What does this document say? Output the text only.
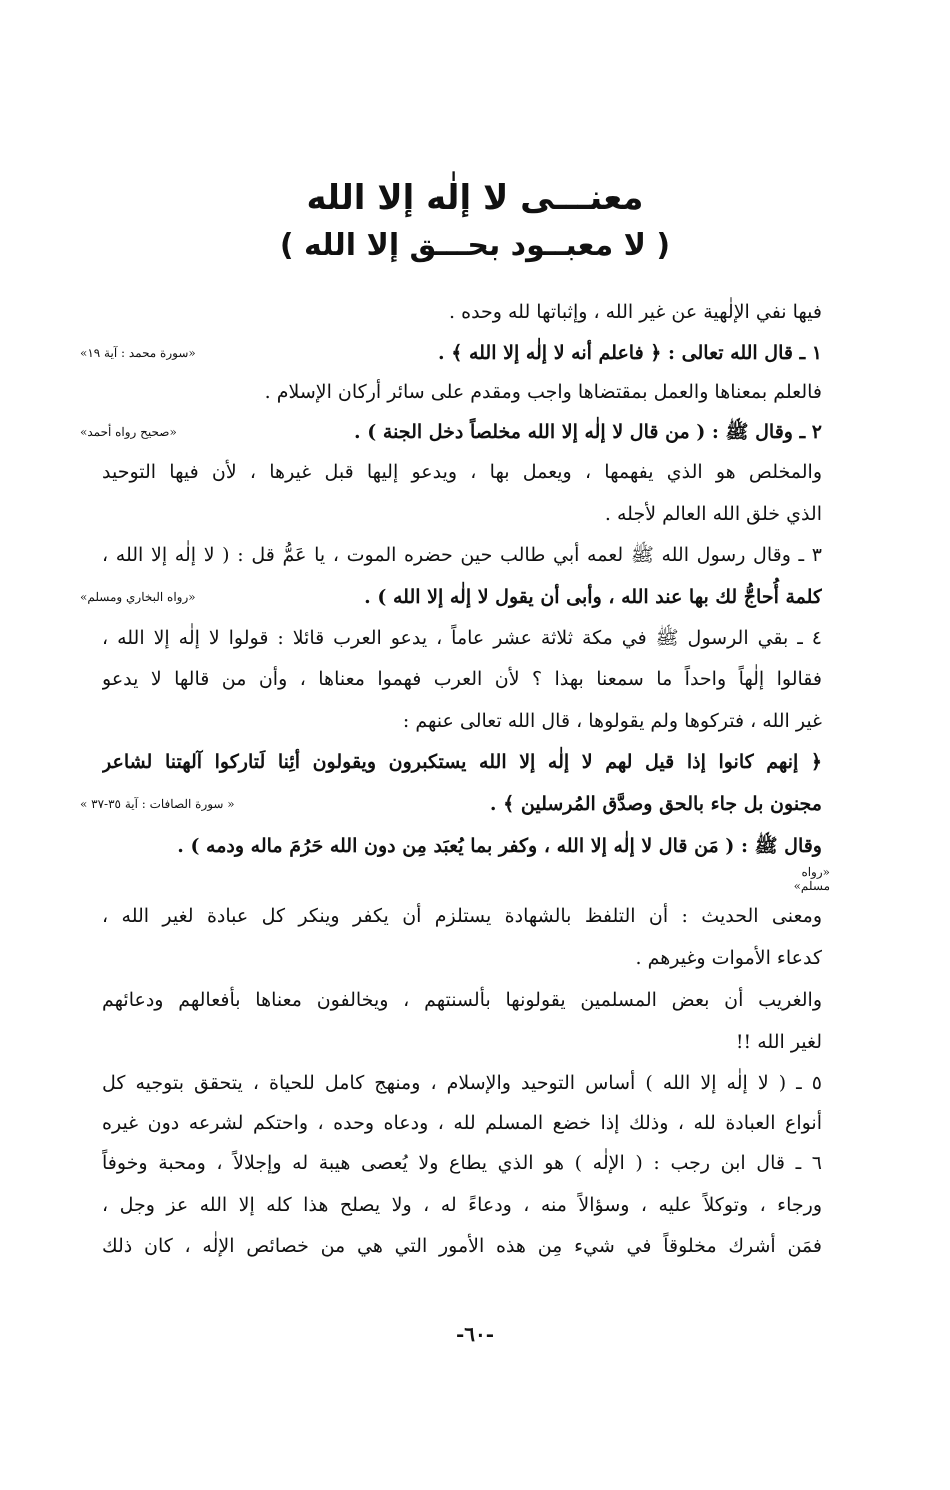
معنـــى لا إلٰه إلا الله
( لا معبــود بحـــق إلا الله )
فيها نفي الإلٰهية عن غير الله ، وإثباتها لله وحده .
١ ـ قال الله تعالى : ﴿ فاعلم أنه لا إلٰه إلا الله ﴾ .
«سورة محمد : آية ١٩»
فالعلم بمعناها والعمل بمقتضاها واجب ومقدم على سائر أركان الإسلام .
٢ ـ وقال ﷺ : ( من قال لا إلٰه إلا الله مخلصاً دخل الجنة ) .
«صحيح رواه أحمد»
والمخلص هو الذي يفهمها ، ويعمل بها ، ويدعو إليها قبل غيرها ، لأن فيها التوحيد
الذي خلق الله العالم لأجله .
٣ ـ وقال رسول الله ﷺ لعمه أبي طالب حين حضره الموت ، يا عَمُّ قل : ( لا إلٰه إلا الله ،
كلمة أُحاجُّ لك بها عند الله ، وأبى أن يقول لا إلٰه إلا الله ) .
«رواه البخاري ومسلم»
٤ ـ بقي الرسول ﷺ في مكة ثلاثة عشر عاماً ، يدعو العرب قائلا : قولوا لا إلٰه إلا الله ،
فقالوا إلٰهاً واحداً ما سمعنا بهذا ؟ لأن العرب فهموا معناها ، وأن من قالها لا يدعو
غير الله ، فتركوها ولم يقولوها ، قال الله تعالى عنهم :
﴿ إنهم كانوا إذا قيل لهم لا إلٰه إلا الله يستكبرون ويقولون أئِنا لَتاركوا آلهتنا لشاعر
مجنون بل جاء بالحق وصدَّق المُرسلين ﴾ .
« سورة الصافات : آية ٣٥-٣٧ »
وقال ﷺ : ( مَن قال لا إلٰه إلا الله ، وكفر بما يُعبَد مِن دون الله حَرُمَ ماله ودمه ) .
«رواه مسلم»
ومعنى الحديث : أن التلفظ بالشهادة يستلزم أن يكفر وينكر كل عبادة لغير الله ،
كدعاء الأموات وغيرهم .
والغريب أن بعض المسلمين يقولونها بألسنتهم ، ويخالفون معناها بأفعالهم ودعائهم
لغير الله !!
٥ ـ ( لا إلٰه إلا الله ) أساس التوحيد والإسلام ، ومنهج كامل للحياة ، يتحقق بتوجيه كل
أنواع العبادة لله ، وذلك إذا خضع المسلم لله ، ودعاه وحده ، واحتكم لشرعه دون غيره
٦ ـ قال ابن رجب : ( الإلٰه ) هو الذي يطاع ولا يُعصى هيبة له وإجلالاً ، ومحبة وخوفاً
ورجاء ، وتوكلاً عليه ، وسؤالاً منه ، ودعاءً له ، ولا يصلح هذا كله إلا الله عز وجل ،
فمَن أشرك مخلوقاً في شيء مِن هذه الأمور التي هي من خصائص الإلٰه ، كان ذلك
-٦٠-
